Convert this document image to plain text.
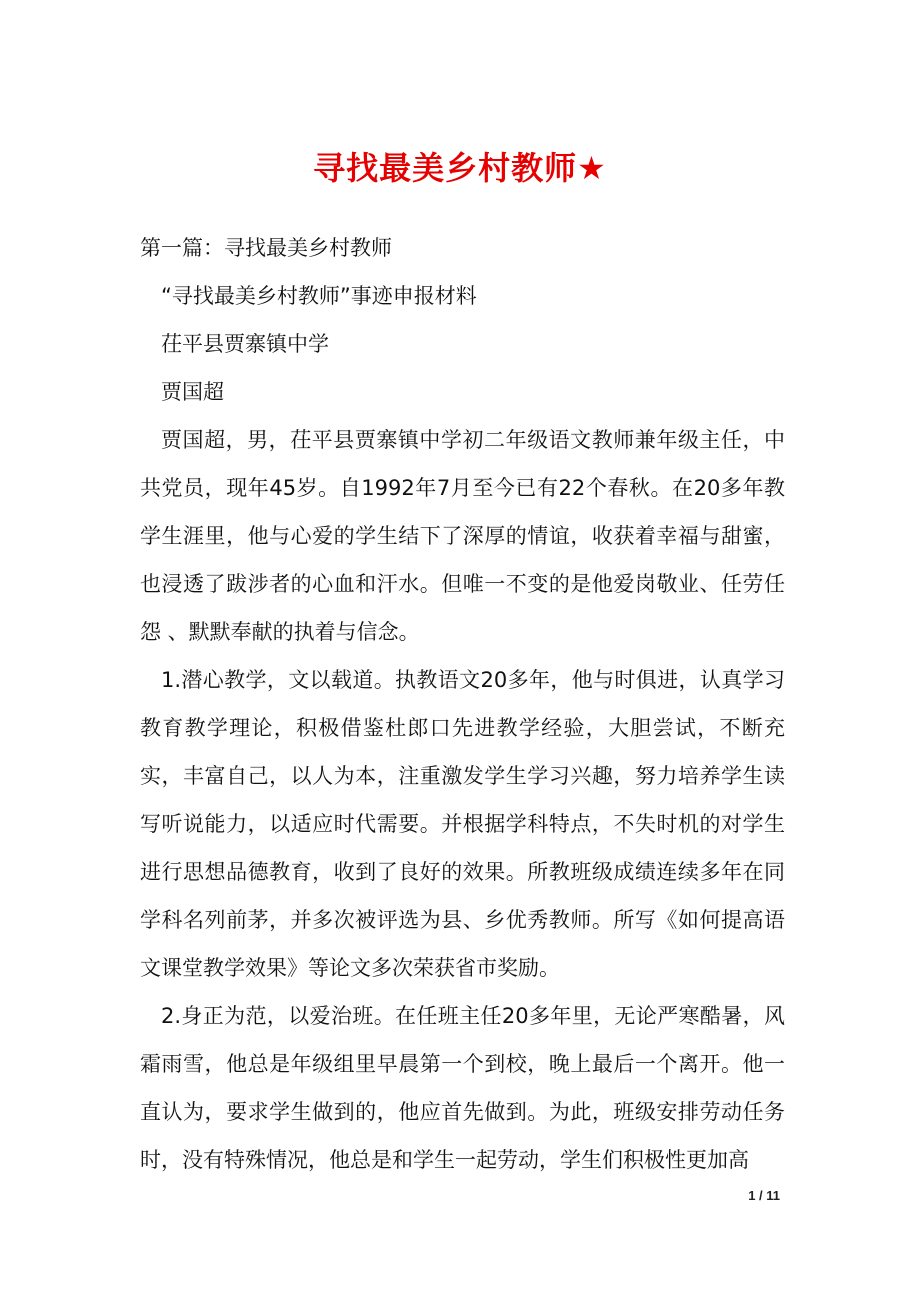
寻找最美乡村教师★

第一篇：寻找最美乡村教师

“寻找最美乡村教师”事迹申报材料

茌平县贾寨镇中学

贾国超

贾国超，男，茌平县贾寨镇中学初二年级语文教师兼年级主任，中共党员，现年45岁。自1992年7月至今已有22个春秋。在20多年教学生涯里，他与心爱的学生结下了深厚的情谊，收获着幸福与甜蜜，也浸透了跋涉者的心血和汗水。但唯一不变的是他爱岗敬业、任劳任怨 、默默奉献的执着与信念。

1.潜心教学，文以载道。执教语文20多年，他与时俱进，认真学习教育教学理论，积极借鉴杜郎口先进教学经验，大胆尝试，不断充实，丰富自己，以人为本，注重激发学生学习兴趣，努力培养学生读写听说能力，以适应时代需要。并根据学科特点，不失时机的对学生进行思想品德教育，收到了良好的效果。所教班级成绩连续多年在同学科名列前茅，并多次被评选为县、乡优秀教师。所写《如何提高语文课堂教学效果》等论文多次荣获省市奖励。

2.身正为范，以爱治班。在任班主任20多年里，无论严寒酷暑，风霜雨雪，他总是年级组里早晨第一个到校，晚上最后一个离开。他一直认为，要求学生做到的，他应首先做到。为此，班级安排劳动任务时，没有特殊情况，他总是和学生一起劳动，学生们积极性更加高

1 / 11
